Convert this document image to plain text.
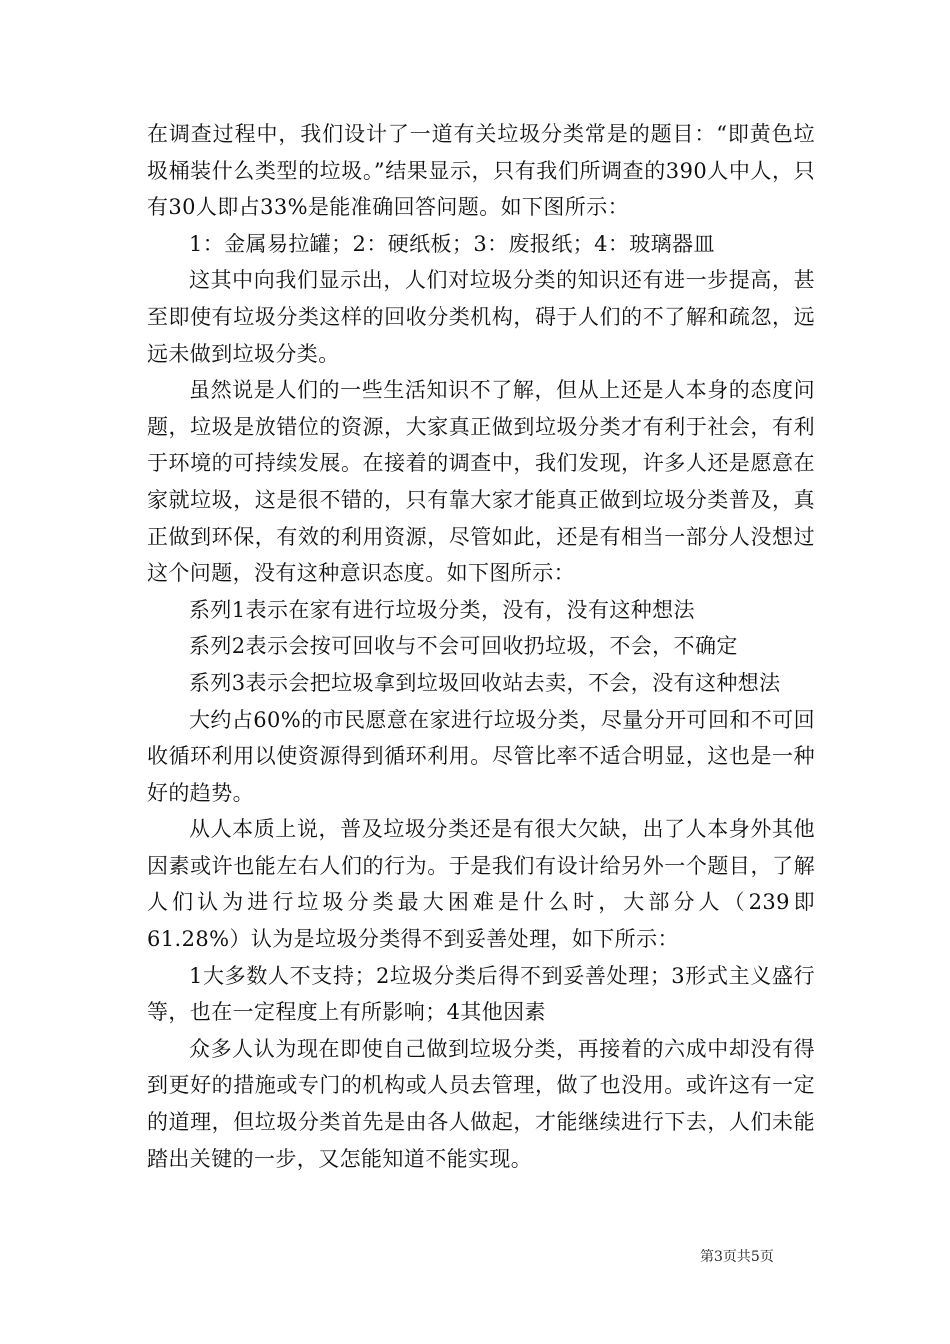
在调查过程中，我们设计了一道有关垃圾分类常是的题目：“即黄色垃圾桶装什么类型的垃圾。”结果显示，只有我们所调查的390人中人，只有30人即占33%是能准确回答问题。如下图所示：

1：金属易拉罐；2：硬纸板；3：废报纸；4：玻璃器皿

这其中向我们显示出，人们对垃圾分类的知识还有进一步提高，甚至即使有垃圾分类这样的回收分类机构，碍于人们的不了解和疏忽，远远未做到垃圾分类。

虽然说是人们的一些生活知识不了解，但从上还是人本身的态度问题，垃圾是放错位的资源，大家真正做到垃圾分类才有利于社会，有利于环境的可持续发展。在接着的调查中，我们发现，许多人还是愿意在家就垃圾，这是很不错的，只有靠大家才能真正做到垃圾分类普及，真正做到环保，有效的利用资源，尽管如此，还是有相当一部分人没想过这个问题，没有这种意识态度。如下图所示：

系列1表示在家有进行垃圾分类，没有，没有这种想法

系列2表示会按可回收与不会可回收扔垃圾，不会，不确定

系列3表示会把垃圾拿到垃圾回收站去卖，不会，没有这种想法

大约占60%的市民愿意在家进行垃圾分类，尽量分开可回和不可回收循环利用以使资源得到循环利用。尽管比率不适合明显，这也是一种好的趋势。

从人本质上说，普及垃圾分类还是有很大欠缺，出了人本身外其他因素或许也能左右人们的行为。于是我们有设计给另外一个题目，了解人们认为进行垃圾分类最大困难是什么时，大部分人（239即61.28%）认为是垃圾分类得不到妥善处理，如下所示：

1大多数人不支持；2垃圾分类后得不到妥善处理；3形式主义盛行等，也在一定程度上有所影响；4其他因素

众多人认为现在即使自己做到垃圾分类，再接着的六成中却没有得到更好的措施或专门的机构或人员去管理，做了也没用。或许这有一定的道理，但垃圾分类首先是由各人做起，才能继续进行下去，人们未能踏出关键的一步，又怎能知道不能实现。

第3页共5页
